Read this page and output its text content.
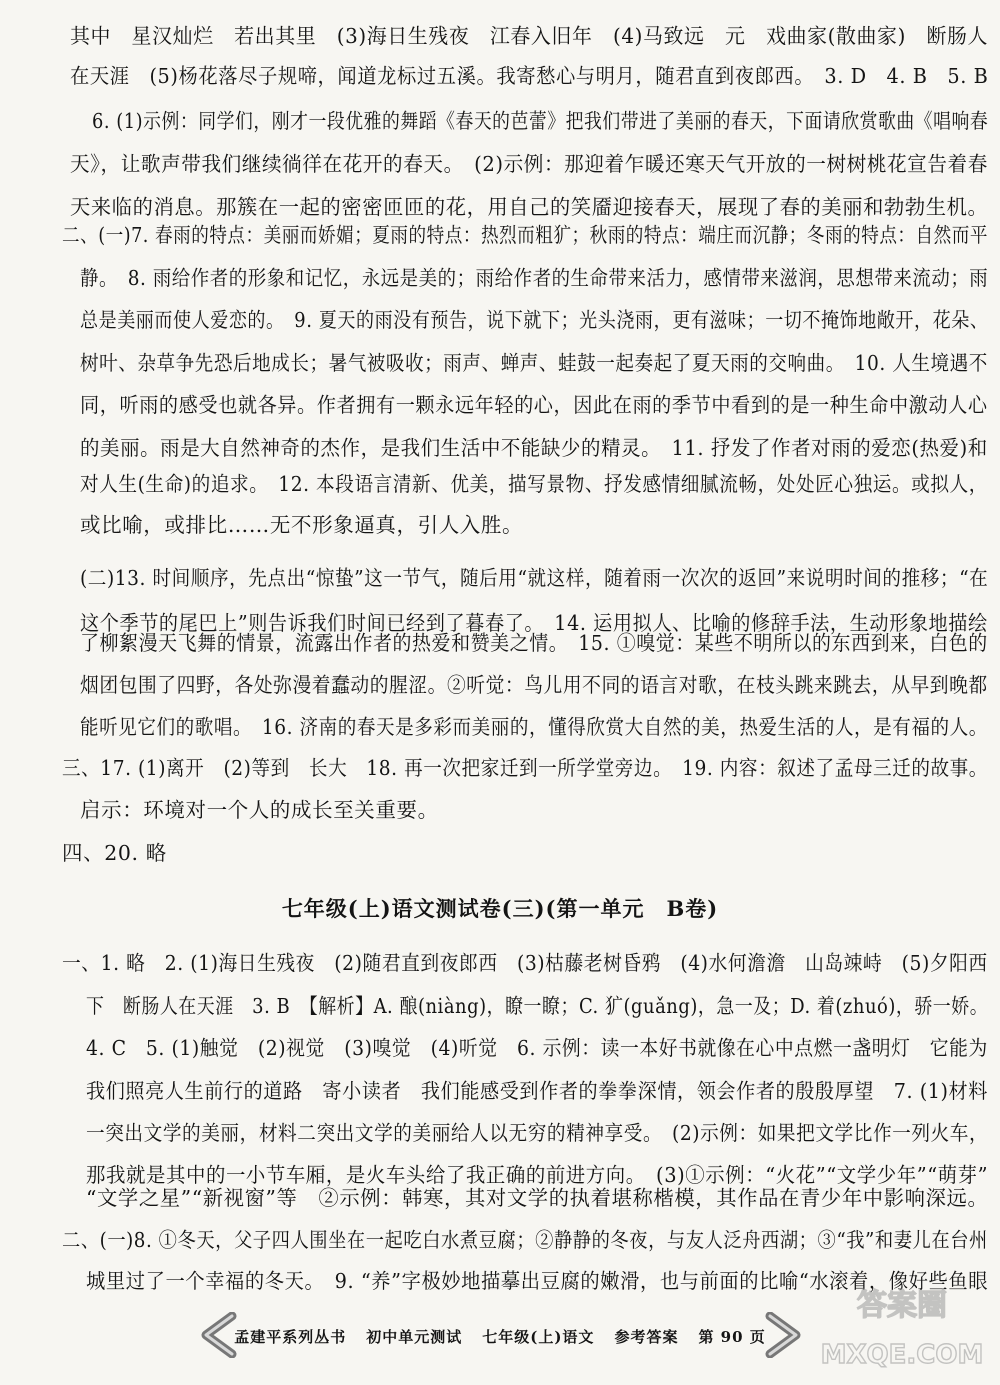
其中　星汉灿烂　若出其里　(3)海日生残夜　江春入旧年　(4)马致远　元　戏曲家(散曲家)　断肠人
在天涯　(5)杨花落尽子规啼，闻道龙标过五溪。我寄愁心与明月，随君直到夜郎西。　3. D　4. B　5. B
6. (1)示例：同学们，刚才一段优雅的舞蹈《春天的芭蕾》把我们带进了美丽的春天，下面请欣赏歌曲《唱响春
天》，让歌声带我们继续徜徉在花开的春天。　(2)示例：那迎着乍暖还寒天气开放的一树树桃花宣告着春
天来临的消息。那簇在一起的密密匝匝的花，用自己的笑靥迎接春天，展现了春的美丽和勃勃生机。
二、(一)7. 春雨的特点：美丽而娇媚；夏雨的特点：热烈而粗犷；秋雨的特点：端庄而沉静；冬雨的特点：自然而平
静。　8. 雨给作者的形象和记忆，永远是美的；雨给作者的生命带来活力，感情带来滋润，思想带来流动；雨
总是美丽而使人爱恋的。　9. 夏天的雨没有预告，说下就下；光头浇雨，更有滋味；一切不掩饰地敞开，花朵、
树叶、杂草争先恐后地成长；暑气被吸收；雨声、蝉声、蛙鼓一起奏起了夏天雨的交响曲。　10. 人生境遇不
同，听雨的感受也就各异。作者拥有一颗永远年轻的心，因此在雨的季节中看到的是一种生命中激动人心
的美丽。雨是大自然神奇的杰作，是我们生活中不能缺少的精灵。　11. 抒发了作者对雨的爱恋(热爱)和
对人生(生命)的追求。　12. 本段语言清新、优美，描写景物、抒发感情细腻流畅，处处匠心独运。或拟人，
或比喻，或排比……无不形象逼真，引人入胜。
(二)13. 时间顺序，先点出“惊蛰”这一节气，随后用“就这样，随着雨一次次的返回”来说明时间的推移；“在
这个季节的尾巴上”则告诉我们时间已经到了暮春了。　14. 运用拟人、比喻的修辞手法，生动形象地描绘
了柳絮漫天飞舞的情景，流露出作者的热爱和赞美之情。　15. ①嗅觉：某些不明所以的东西到来，白色的
烟团包围了四野，各处弥漫着蠢动的腥涩。②听觉：鸟儿用不同的语言对歌，在枝头跳来跳去，从早到晚都
能听见它们的歌唱。　16. 济南的春天是多彩而美丽的，懂得欣赏大自然的美，热爱生活的人，是有福的人。
三、17. (1)离开　(2)等到　长大　18. 再一次把家迁到一所学堂旁边。　19. 内容：叙述了孟母三迁的故事。
启示：环境对一个人的成长至关重要。
四、20. 略
七年级(上)语文测试卷(三)(第一单元　B卷)
一、1. 略　2. (1)海日生残夜　(2)随君直到夜郎西　(3)枯藤老树昏鸦　(4)水何澹澹　山岛竦峙　(5)夕阳西
下　断肠人在天涯　3. B　【解析】A. 酿(niàng)，瞭一瞭；C. 犷(guǎng)，急一及；D. 着(zhuó)，骄一娇。
4. C　5. (1)触觉　(2)视觉　(3)嗅觉　(4)听觉　6. 示例：读一本好书就像在心中点燃一盏明灯　它能为
我们照亮人生前行的道路　寄小读者　我们能感受到作者的拳拳深情，领会作者的殷殷厚望　7. (1)材料
一突出文学的美丽，材料二突出文学的美丽给人以无穷的精神享受。　(2)示例：如果把文学比作一列火车，
那我就是其中的一小节车厢，是火车头给了我正确的前进方向。　(3)①示例：“火花”“文学少年”“萌芽”
“文学之星”“新视窗”等　②示例：韩寒，其对文学的执着堪称楷模，其作品在青少年中影响深远。
二、(一)8. ①冬天，父子四人围坐在一起吃白水煮豆腐；②静静的冬夜，与友人泛舟西湖；③“我”和妻儿在台州
城里过了一个幸福的冬天。　9. “养”字极妙地描摹出豆腐的嫩滑，也与前面的比喻“水滚着，像好些鱼眼
孟建平系列丛书 初中单元测试 七年级(上)语文 参考答案 第 90 页
答案圈
MXQE.COM
